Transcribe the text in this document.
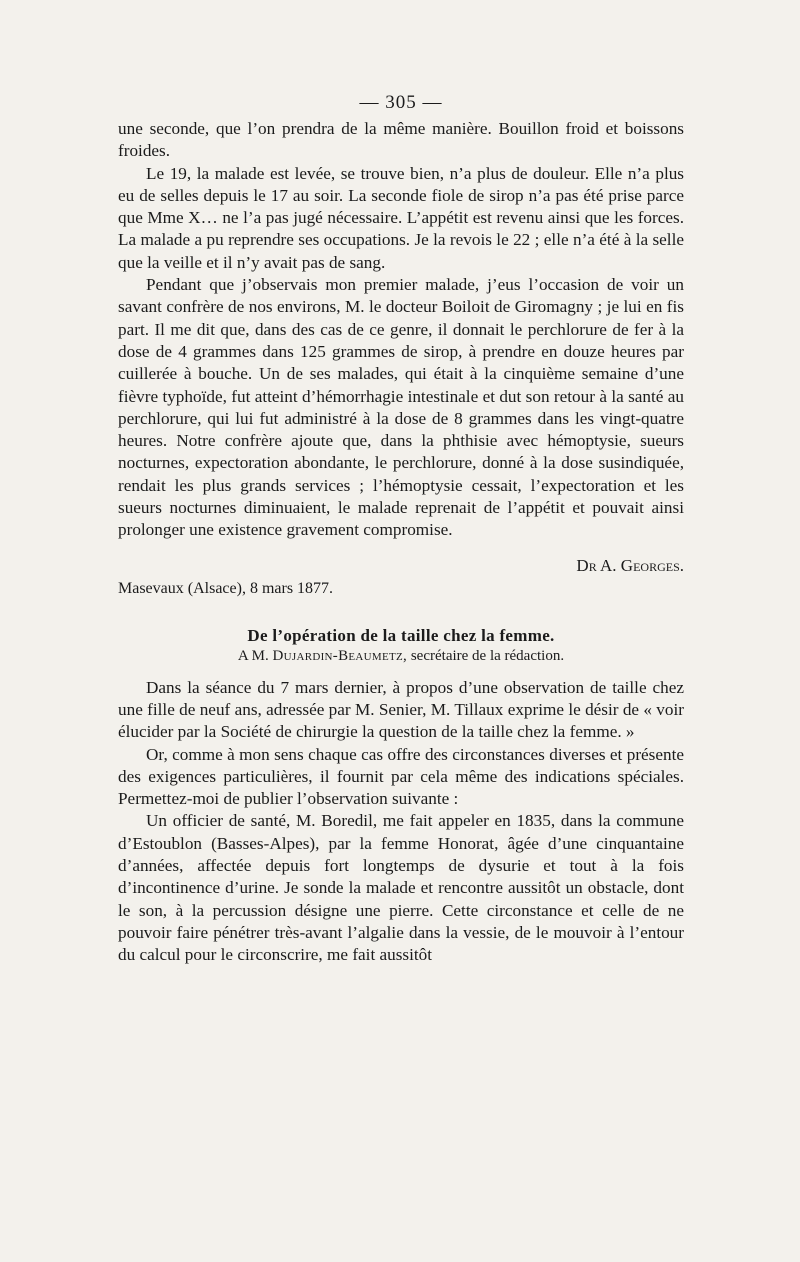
— 305 —

une seconde, que l’on prendra de la même manière. Bouillon froid et boissons froides.

Le 19, la malade est levée, se trouve bien, n’a plus de douleur. Elle n’a plus eu de selles depuis le 17 au soir. La seconde fiole de sirop n’a pas été prise parce que Mme X… ne l’a pas jugé nécessaire. L’appétit est revenu ainsi que les forces. La malade a pu reprendre ses occupations. Je la revois le 22 ; elle n’a été à la selle que la veille et il n’y avait pas de sang.

Pendant que j’observais mon premier malade, j’eus l’occasion de voir un savant confrère de nos environs, M. le docteur Boiloit de Giromagny ; je lui en fis part. Il me dit que, dans des cas de ce genre, il donnait le perchlorure de fer à la dose de 4 grammes dans 125 grammes de sirop, à prendre en douze heures par cuillerée à bouche. Un de ses malades, qui était à la cinquième semaine d’une fièvre typhoïde, fut atteint d’hémorrhagie intestinale et dut son retour à la santé au perchlorure, qui lui fut administré à la dose de 8 grammes dans les vingt-quatre heures. Notre confrère ajoute que, dans la phthisie avec hémoptysie, sueurs nocturnes, expectoration abondante, le perchlorure, donné à la dose susindiquée, rendait les plus grands services ; l’hémoptysie cessait, l’expectoration et les sueurs nocturnes diminuaient, le malade reprenait de l’appétit et pouvait ainsi prolonger une existence gravement compromise.

Dr A. Georges.

Masevaux (Alsace), 8 mars 1877.

De l’opération de la taille chez la femme.
A M. Dujardin-Beaumetz, secrétaire de la rédaction.

Dans la séance du 7 mars dernier, à propos d’une observation de taille chez une fille de neuf ans, adressée par M. Senier, M. Tillaux exprime le désir de « voir élucider par la Société de chirurgie la question de la taille chez la femme. »

Or, comme à mon sens chaque cas offre des circonstances diverses et présente des exigences particulières, il fournit par cela même des indications spéciales. Permettez-moi de publier l’observation suivante :

Un officier de santé, M. Boredil, me fait appeler en 1835, dans la commune d’Estoublon (Basses-Alpes), par la femme Honorat, âgée d’une cinquantaine d’années, affectée depuis fort longtemps de dysurie et tout à la fois d’incontinence d’urine. Je sonde la malade et rencontre aussitôt un obstacle, dont le son, à la percussion désigne une pierre. Cette circonstance et celle de ne pouvoir faire pénétrer très-avant l’algalie dans la vessie, de le mouvoir à l’entour du calcul pour le circonscrire, me fait aussitôt
